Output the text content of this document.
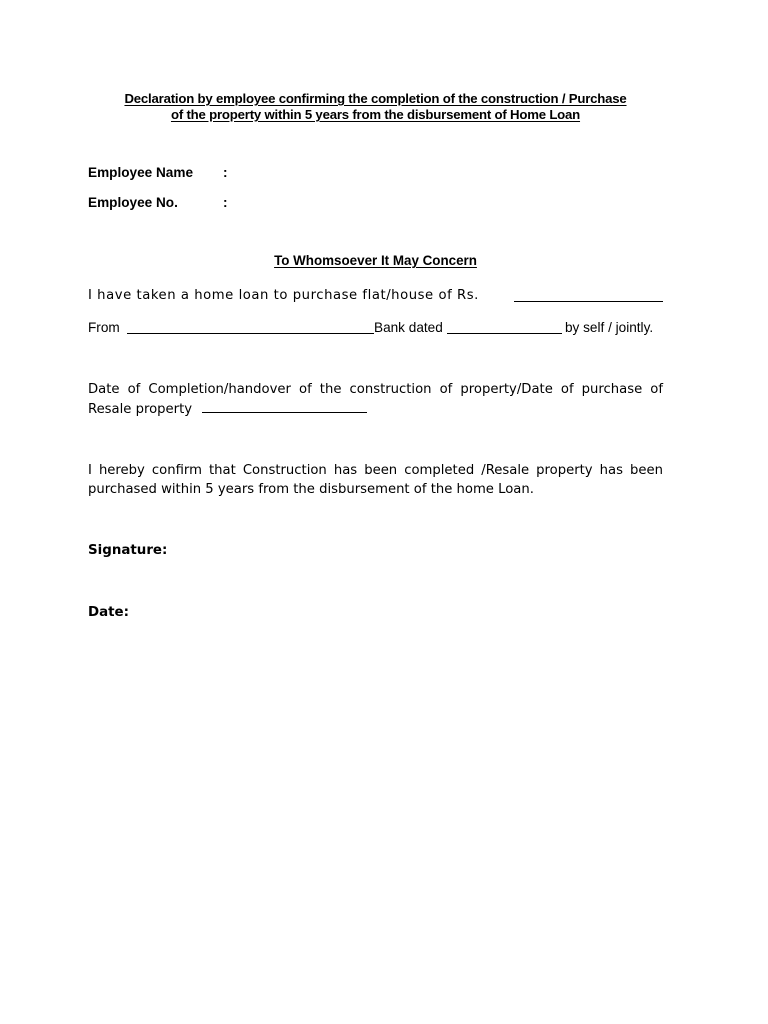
Declaration by employee confirming the completion of the construction / Purchase
of the property within 5 years from the disbursement of Home Loan
Employee Name :
Employee No.	:
To Whomsoever It May Concern
I have taken a home loan to purchase flat/house of Rs.
From	Bank dated	by self / jointly.
Date of Completion/handover of the construction of property/Date of purchase of
Resale property
I hereby confirm that Construction has been completed /Resale property has been purchased within 5 years from the disbursement of the home Loan.
Signature:
Date:
